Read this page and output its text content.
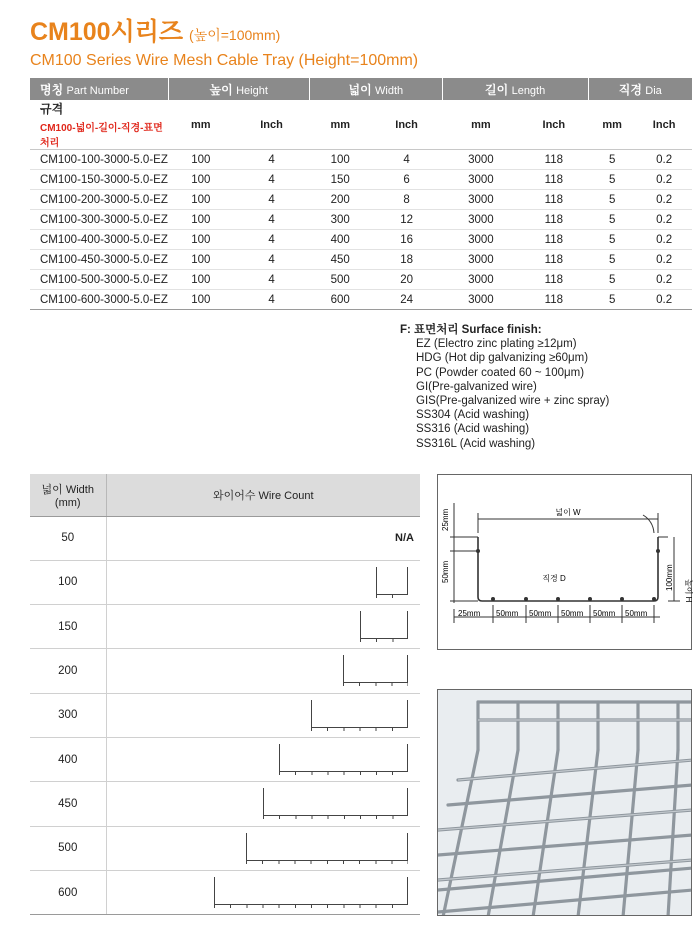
CM100시리즈 (높이=100mm)
CM100 Series Wire Mesh Cable Tray (Height=100mm)
명칭 Part Number	높이 Height		넓이 Width		길이 Length		직경 Dia	

규격
CM100-넓이-길이-직경-표면처리	mm	Inch	mm	Inch	mm	Inch	mm	Inch
CM100-100-3000-5.0-EZ	100	4	100	4	3000	118	5	0.2
CM100-150-3000-5.0-EZ	100	4	150	6	3000	118	5	0.2
CM100-200-3000-5.0-EZ	100	4	200	8	3000	118	5	0.2
CM100-300-3000-5.0-EZ	100	4	300	12	3000	118	5	0.2
CM100-400-3000-5.0-EZ	100	4	400	16	3000	118	5	0.2
CM100-450-3000-5.0-EZ	100	4	450	18	3000	118	5	0.2
CM100-500-3000-5.0-EZ	100	4	500	20	3000	118	5	0.2
CM100-600-3000-5.0-EZ	100	4	600	24	3000	118	5	0.2
F: 표면처리 Surface finish:
EZ (Electro zinc plating ≥12μm)
HDG (Hot dip galvanizing ≥60μm)
PC (Powder coated 60 ~ 100μm)
GI(Pre-galvanized wire)
GIS(Pre-galvanized wire + zinc spray)
SS304 (Acid washing)
SS316 (Acid washing)
SS316L (Acid washing)
넓이 Width
(mm)	와이어수 Wire Count
50	N/A

100	

150	

200	

300	

400	

450	

500	

600	
넓이 W
직경 D
25mm
50mm	100mm 높이 H
25mm 50mm 50mm 50mm 50mm 50mm
